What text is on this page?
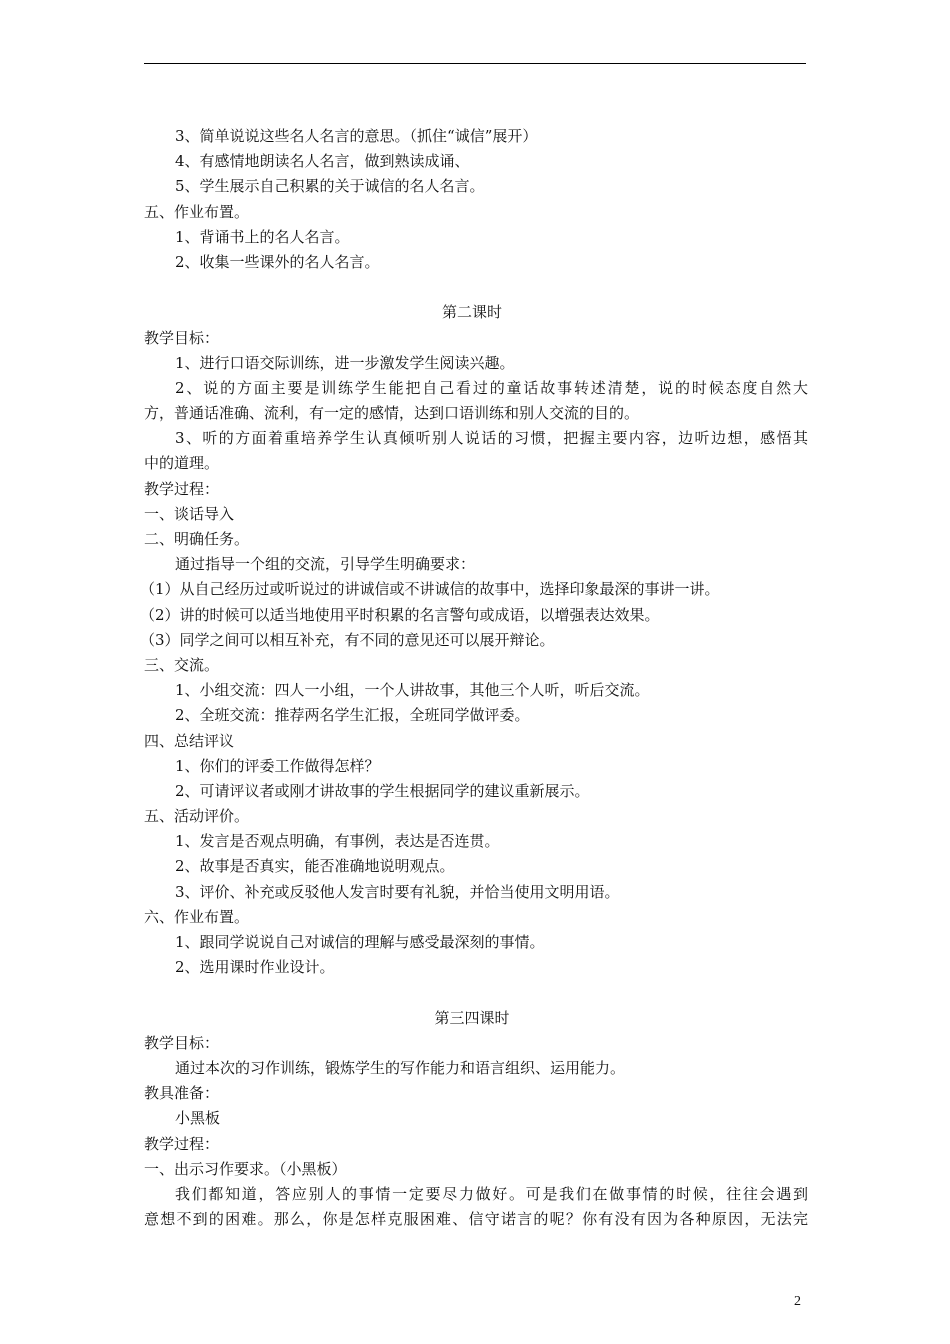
3、简单说说这些名人名言的意思。（抓住“诚信”展开）
4、有感情地朗读名人名言，做到熟读成诵、
5、学生展示自己积累的关于诚信的名人名言。
五、作业布置。
1、背诵书上的名人名言。
2、收集一些课外的名人名言。
第二课时
教学目标：
1、进行口语交际训练，进一步激发学生阅读兴趣。
2、说的方面主要是训练学生能把自己看过的童话故事转述清楚，说的时候态度自然大
方，普通话准确、流利，有一定的感情，达到口语训练和别人交流的目的。
3、听的方面着重培养学生认真倾听别人说话的习惯，把握主要内容，边听边想，感悟其
中的道理。
教学过程：
一、谈话导入
二、明确任务。
通过指导一个组的交流，引导学生明确要求：
（1）从自己经历过或听说过的讲诚信或不讲诚信的故事中，选择印象最深的事讲一讲。
（2）讲的时候可以适当地使用平时积累的名言警句或成语，以增强表达效果。
（3）同学之间可以相互补充，有不同的意见还可以展开辩论。
三、交流。
1、小组交流：四人一小组，一个人讲故事，其他三个人听，听后交流。
2、全班交流：推荐两名学生汇报，全班同学做评委。
四、总结评议
1、你们的评委工作做得怎样？
2、可请评议者或刚才讲故事的学生根据同学的建议重新展示。
五、活动评价。
1、发言是否观点明确，有事例，表达是否连贯。
2、故事是否真实，能否准确地说明观点。
3、评价、补充或反驳他人发言时要有礼貌，并恰当使用文明用语。
六、作业布置。
1、跟同学说说自己对诚信的理解与感受最深刻的事情。
2、选用课时作业设计。
第三四课时
教学目标：
通过本次的习作训练，锻炼学生的写作能力和语言组织、运用能力。
教具准备：
小黑板
教学过程：
一、出示习作要求。（小黑板）
我们都知道，答应别人的事情一定要尽力做好。可是我们在做事情的时候，往往会遇到
意想不到的困难。那么，你是怎样克服困难、信守诺言的呢？你有没有因为各种原因，无法完
2
